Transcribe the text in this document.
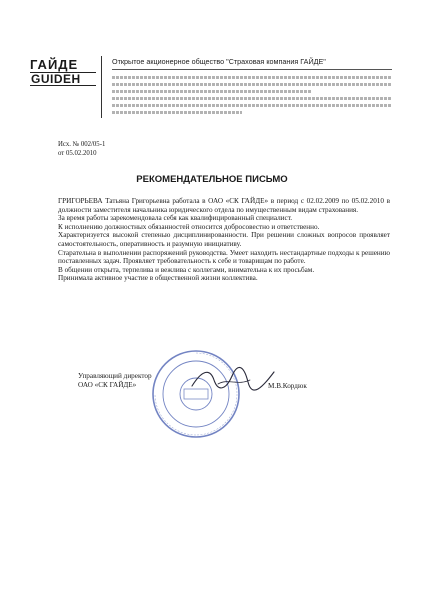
ГАЙДЕ
GUIDEH
Открытое акционерное общество "Страховая компания ГАЙДЕ"
Исх. № 002/05-1
от 05.02.2010
РЕКОМЕНДАТЕЛЬНОЕ ПИСЬМО

ГРИГОРЬЕВА Татьяна Григорьевна работала в ОАО «СК ГАЙДЕ» в период с 02.02.2009 по 05.02.2010 в должности заместителя начальника юридического отдела по имущественным видам страхования.

За время работы зарекомендовала себя как квалифицированный специалист.

К исполнению должностных обязанностей относится добросовестно и ответственно.

Характеризуется высокой степенью дисциплинированности. При решении сложных вопросов проявляет самостоятельность, оперативность и разумную инициативу.

Старательна в выполнении распоряжений руководства. Умеет находить нестандартные подходы к решению поставленных задач. Проявляет требовательность к себе и товарищам по работе.

В общении открыта, терпелива и вежлива с коллегами, внимательна к их просьбам.

Принимала активное участие в общественной жизни коллектива.

Управляющий директор
ОАО «СК ГАЙДЕ»	М.В.Кордюк
